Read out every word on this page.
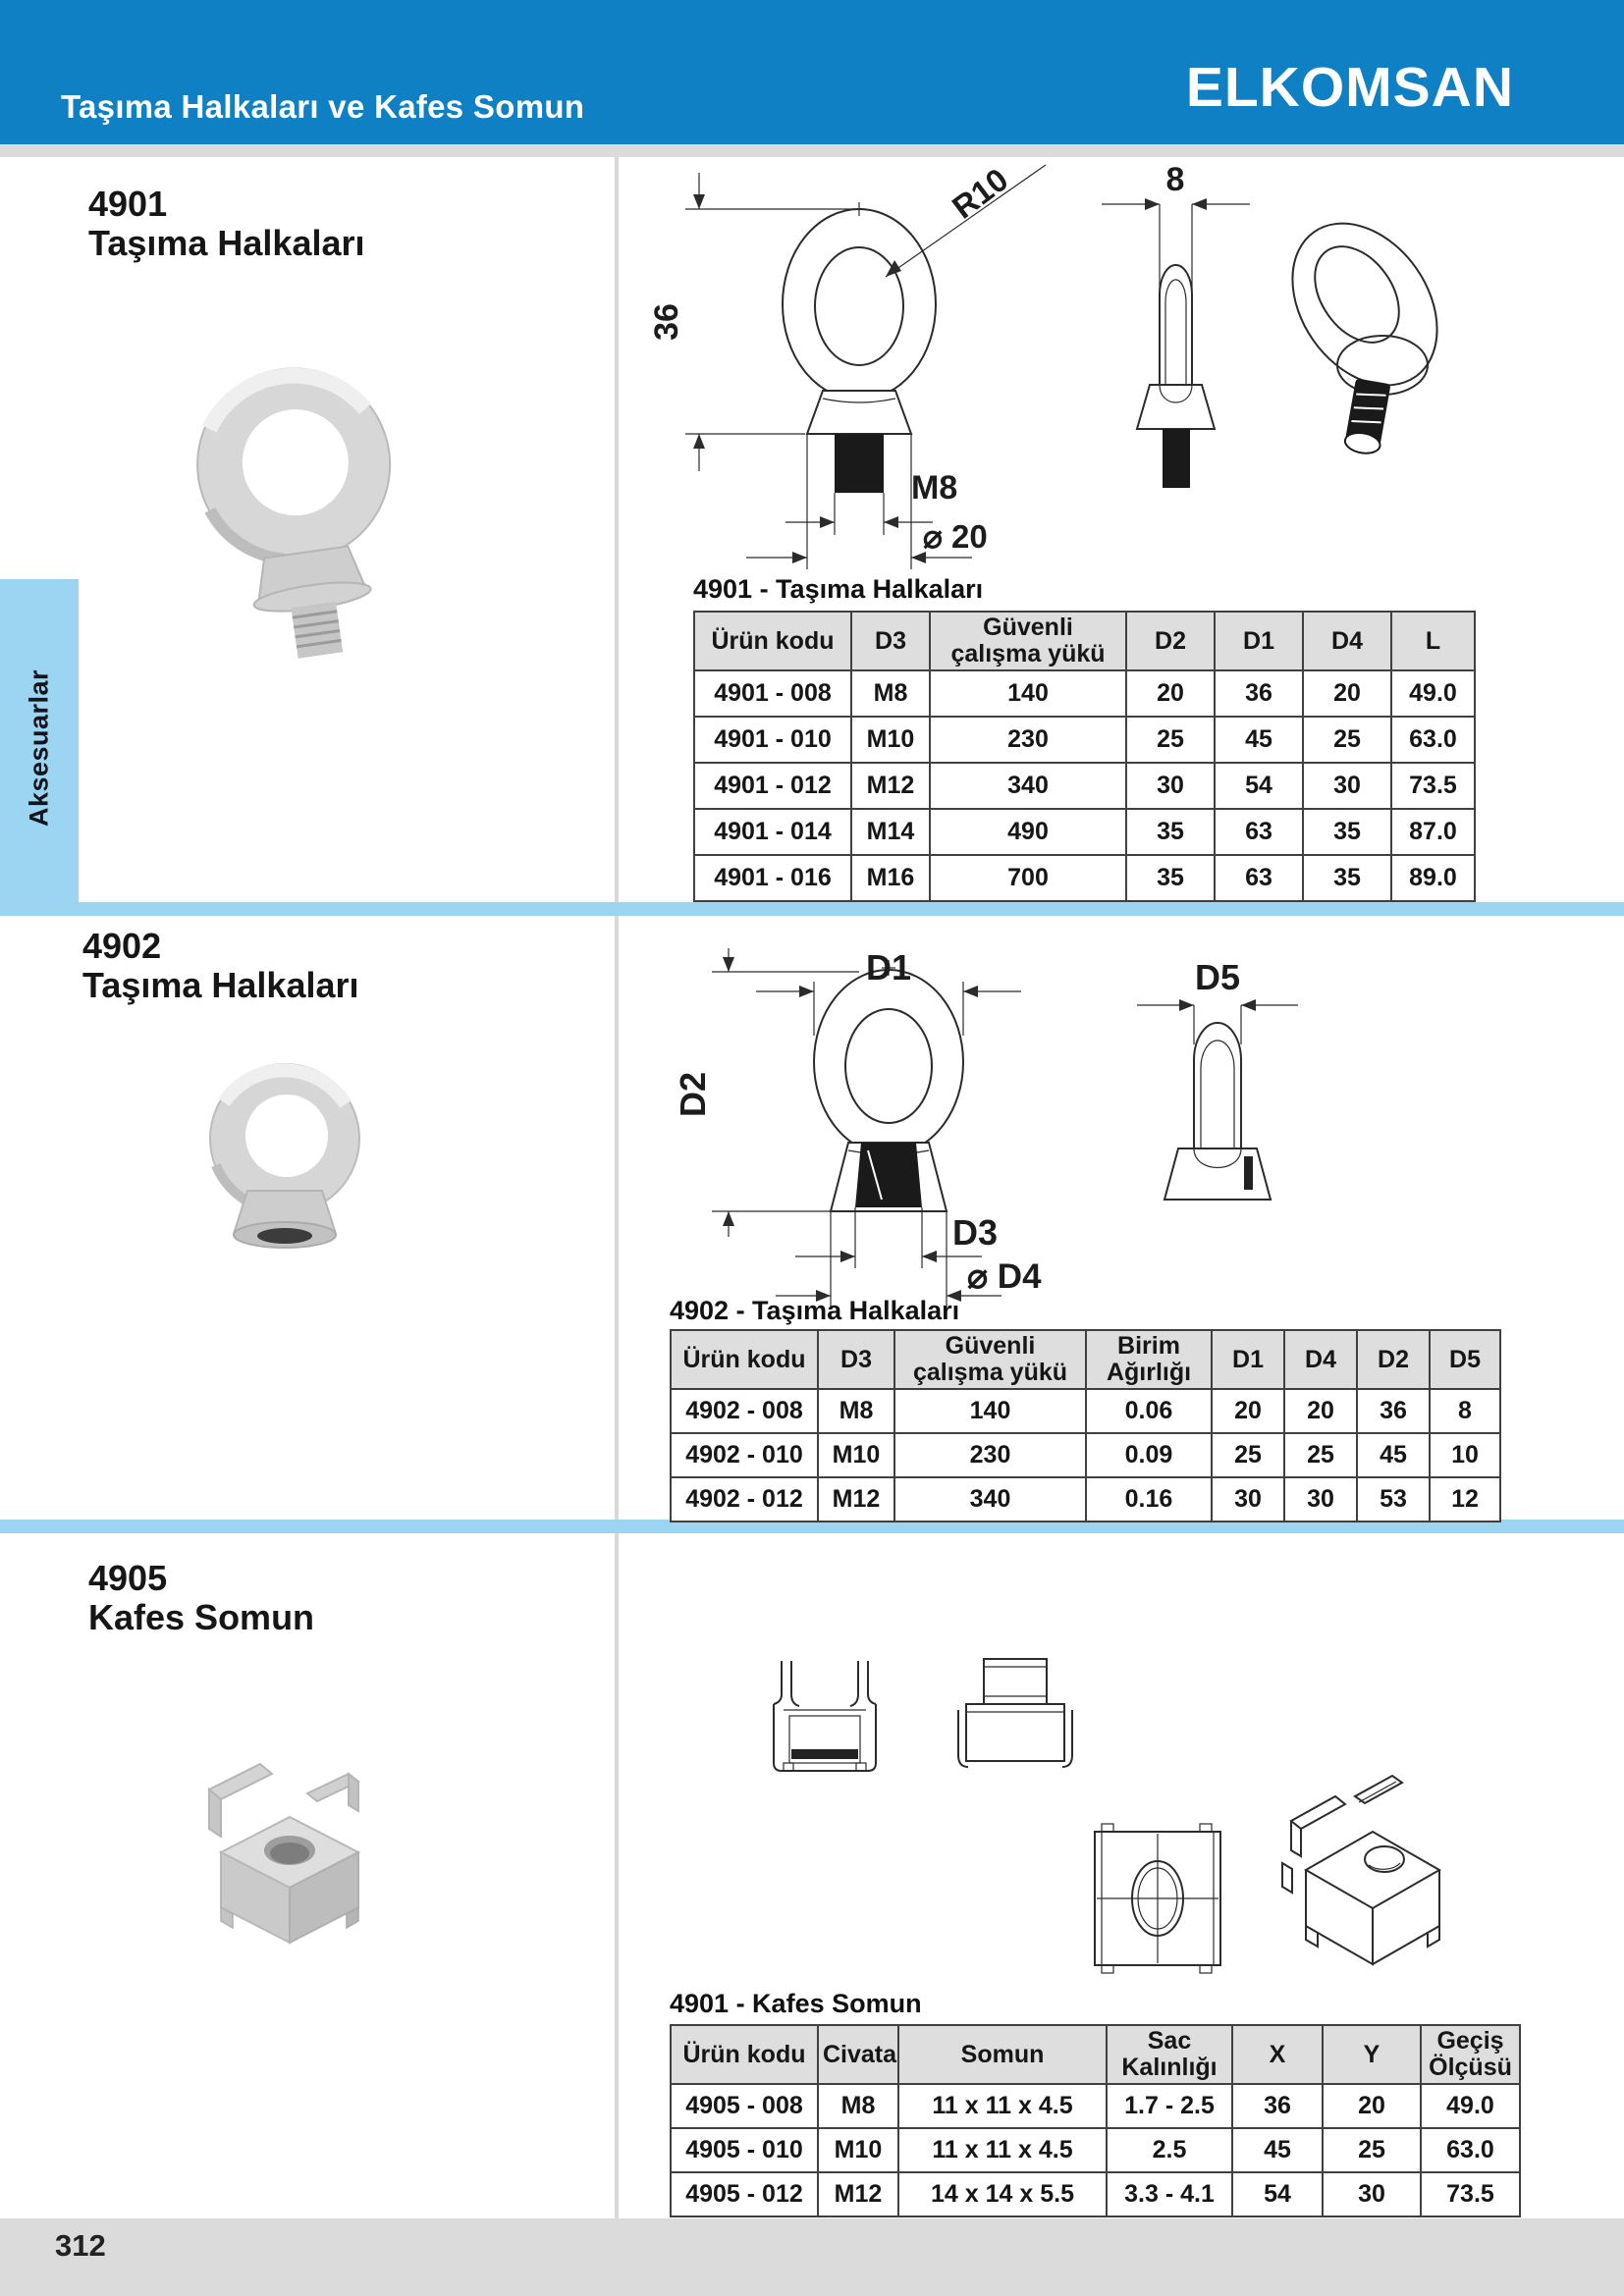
Taşıma Halkaları ve Kafes Somun	ELKOMSAN
Aksesuarlar
4901
Taşıma Halkaları
36
R10
M8
⌀ 20
8
4901 - Taşıma Halkaları
Ürün kodu	D3	Güvenli çalışma yükü	D2	D1	D4	L
4901 - 008	M8	140	20	36	20	49.0
4901 - 010	M10	230	25	45	25	63.0
4901 - 012	M12	340	30	54	30	73.5
4901 - 014	M14	490	35	63	35	87.0
4901 - 016	M16	700	35	63	35	89.0
4902
Taşıma Halkaları	D1
D2
D3
⌀ D4
D5
4902 - Taşıma Halkaları
Ürün kodu	D3	Güvenli çalışma yükü	Birim Ağırlığı	D1	D4	D2	D5
4902 - 008	M8	140	0.06	20	20	36	8
4902 - 010	M10	230	0.09	25	25	45	10
4902 - 012	M12	340	0.16	30	30	53	12
4905
Kafes Somun
4901 - Kafes Somun
Ürün kodu	Civata	Somun	Sac Kalınlığı	X	Y	Geçiş Ölçüsü
4905 - 008	M8	11 x 11 x 4.5	1.7 - 2.5	36	20	49.0
4905 - 010	M10	11 x 11 x 4.5	2.5	45	25	63.0
4905 - 012	M12	14 x 14 x 5.5	3.3 - 4.1	54	30	73.5
312
